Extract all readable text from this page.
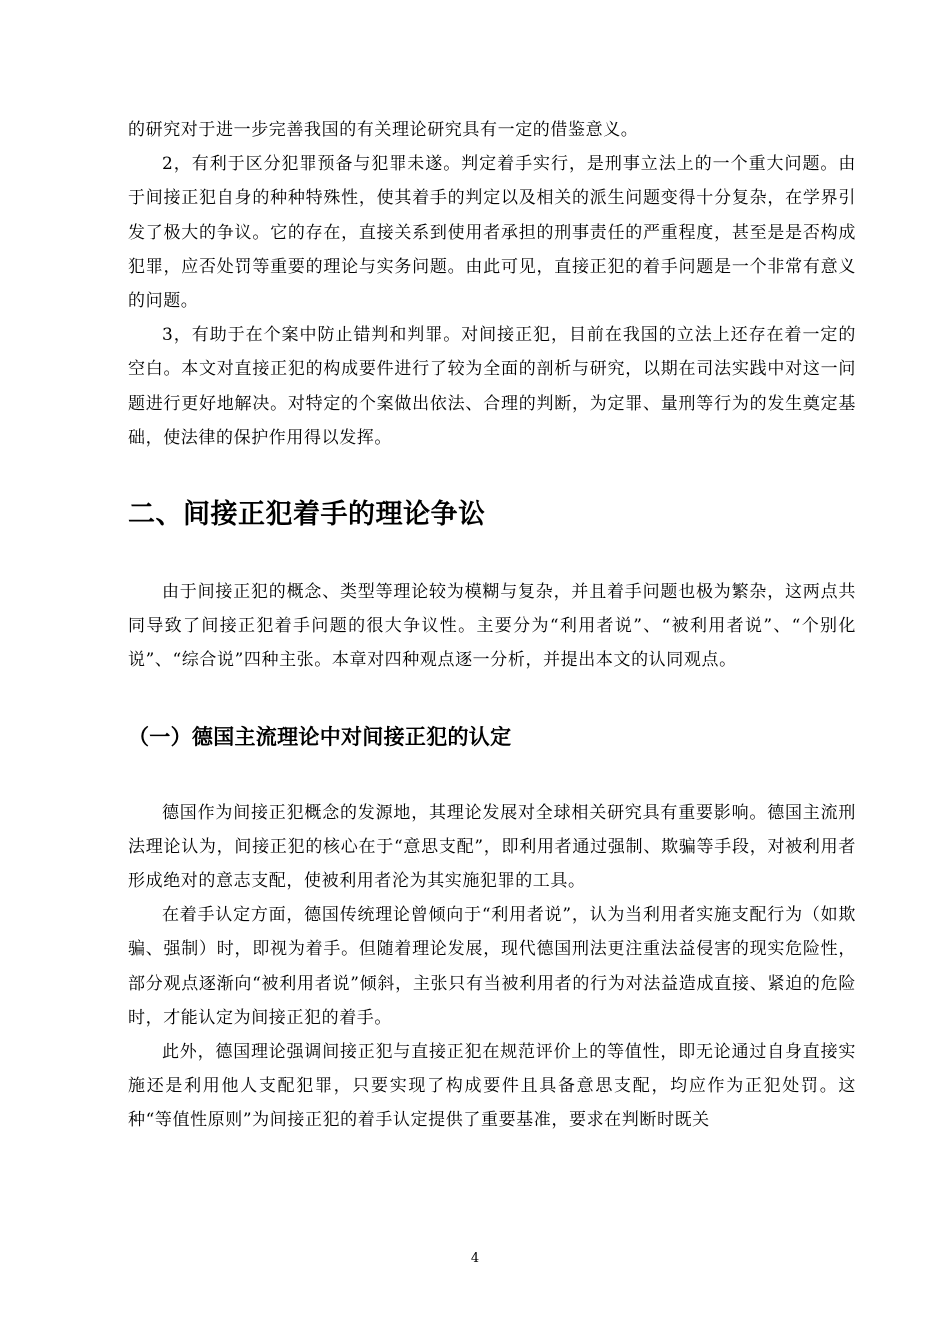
的研究对于进一步完善我国的有关理论研究具有一定的借鉴意义。

2，有利于区分犯罪预备与犯罪未遂。判定着手实行，是刑事立法上的一个重大问题。由于间接正犯自身的种种特殊性，使其着手的判定以及相关的派生问题变得十分复杂，在学界引发了极大的争议。它的存在，直接关系到使用者承担的刑事责任的严重程度，甚至是是否构成犯罪，应否处罚等重要的理论与实务问题。由此可见，直接正犯的着手问题是一个非常有意义的问题。

3，有助于在个案中防止错判和判罪。对间接正犯，目前在我国的立法上还存在着一定的空白。本文对直接正犯的构成要件进行了较为全面的剖析与研究，以期在司法实践中对这一问题进行更好地解决。对特定的个案做出依法、合理的判断，为定罪、量刑等行为的发生奠定基础，使法律的保护作用得以发挥。

二、间接正犯着手的理论争讼

由于间接正犯的概念、类型等理论较为模糊与复杂，并且着手问题也极为繁杂，这两点共同导致了间接正犯着手问题的很大争议性。主要分为“利用者说”、“被利用者说”、“个别化说”、“综合说”四种主张。本章对四种观点逐一分析，并提出本文的认同观点。

（一）德国主流理论中对间接正犯的认定

德国作为间接正犯概念的发源地，其理论发展对全球相关研究具有重要影响。德国主流刑法理论认为，间接正犯的核心在于“意思支配”，即利用者通过强制、欺骗等手段，对被利用者形成绝对的意志支配，使被利用者沦为其实施犯罪的工具。

在着手认定方面，德国传统理论曾倾向于“利用者说”，认为当利用者实施支配行为（如欺骗、强制）时，即视为着手。但随着理论发展，现代德国刑法更注重法益侵害的现实危险性，部分观点逐渐向“被利用者说”倾斜，主张只有当被利用者的行为对法益造成直接、紧迫的危险时，才能认定为间接正犯的着手。

此外，德国理论强调间接正犯与直接正犯在规范评价上的等值性，即无论通过自身直接实施还是利用他人支配犯罪，只要实现了构成要件且具备意思支配，均应作为正犯处罚。这种“等值性原则”为间接正犯的着手认定提供了重要基准，要求在判断时既关

4
